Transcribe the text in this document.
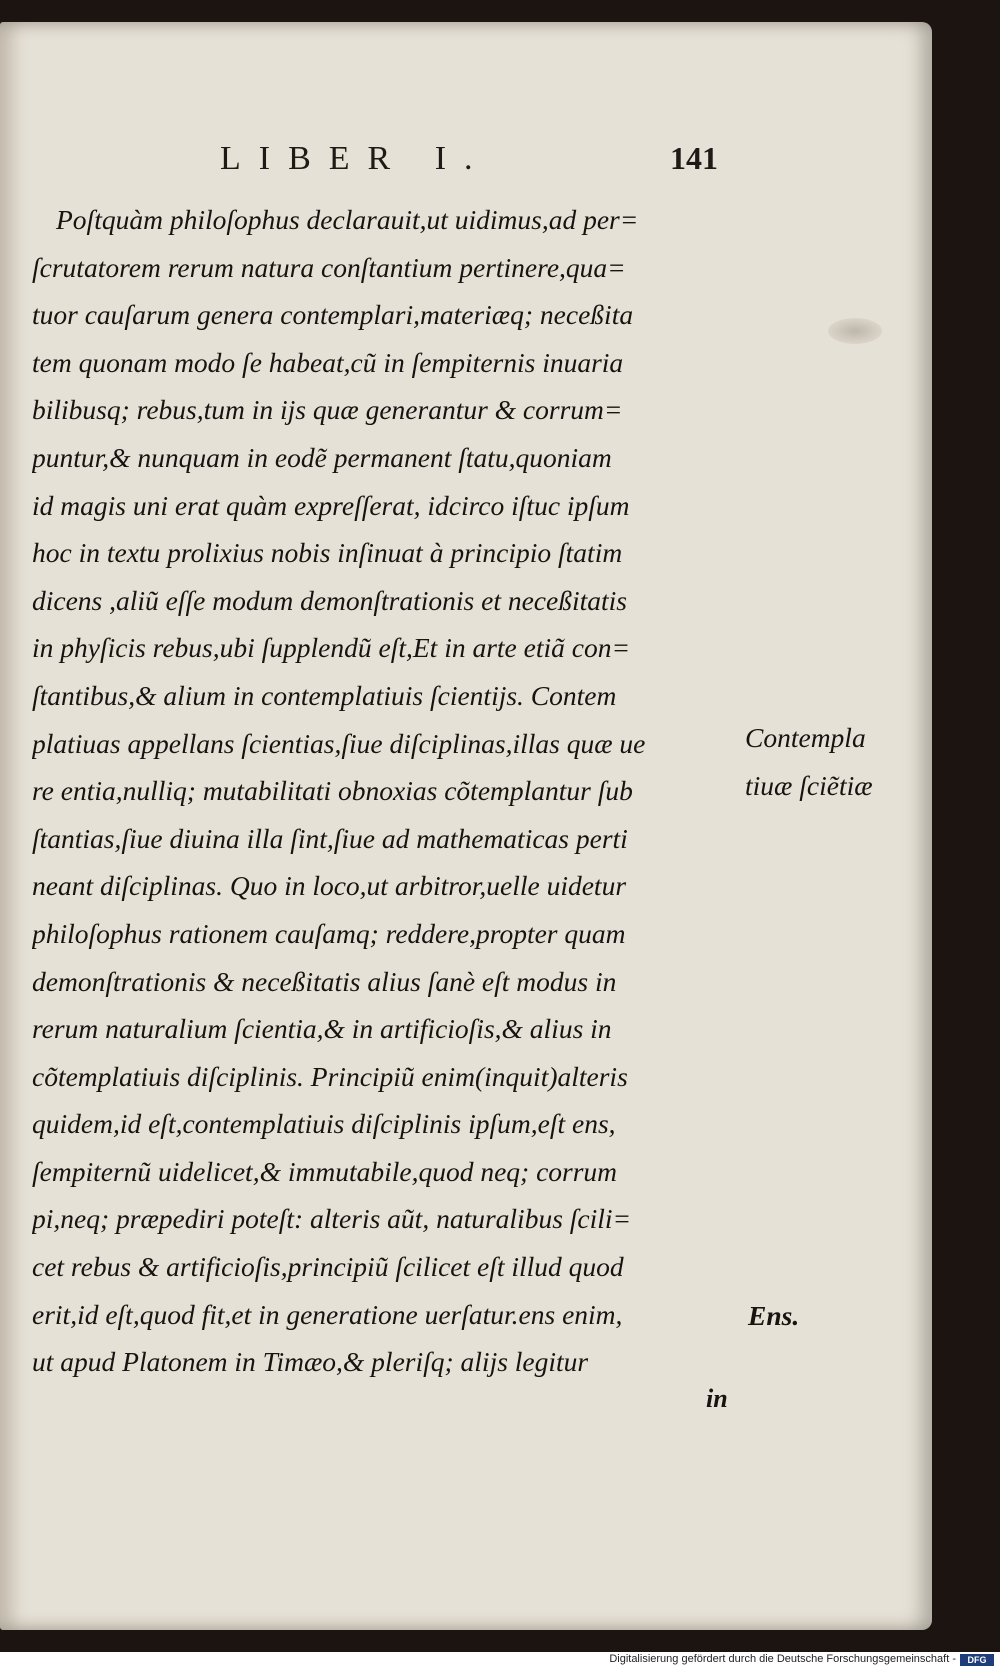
LIBER I.	141
Poſtquàm philoſophus declarauit,ut uidimus,ad per=
ſcrutatorem rerum natura conſtantium pertinere,qua=
tuor cauſarum genera contemplari,materiæq; neceßita
tem quonam modo ſe habeat,cũ in ſempiternis inuaria
bilibusq; rebus,tum in ijs quæ generantur & corrum=
puntur,& nunquam in eodẽ permanent ſtatu,quoniam
id magis uni erat quàm expreſſerat, idcirco iſtuc ipſum
hoc in textu prolixius nobis inſinuat à principio ſtatim
dicens ,aliũ eſſe modum demonſtrationis et neceßitatis
in phyſicis rebus,ubi ſupplendũ eſt,Et in arte etiã con=
ſtantibus,& alium in contemplatiuis ſcientijs. Contem
platiuas appellans ſcientias,ſiue diſciplinas,illas quæ ue
re entia,nulliq; mutabilitati obnoxias cõtemplantur ſub
ſtantias,ſiue diuina illa ſint,ſiue ad mathematicas perti
neant diſciplinas. Quo in loco,ut arbitror,uelle uidetur
philoſophus rationem cauſamq; reddere,propter quam
demonſtrationis & neceßitatis alius ſanè eſt modus in
rerum naturalium ſcientia,& in artificioſis,& alius in
cõtemplatiuis diſciplinis. Principiũ enim(inquit)alteris
quidem,id eſt,contemplatiuis diſciplinis ipſum,eſt ens,
ſempiternũ uidelicet,& immutabile,quod neq; corrum
pi,neq; præpediri poteſt: alteris aũt, naturalibus ſcili=
cet rebus & artificioſis,principiũ ſcilicet eſt illud quod
erit,id eſt,quod fit,et in generatione uerſatur.ens enim,
ut apud Platonem in Timæo,& pleriſq; alijs legitur
in
Contempla
tiuæ ſciẽtiæ
Ens.
Digitalisierung gefördert durch die Deutsche Forschungsgemeinschaft -	DFG
